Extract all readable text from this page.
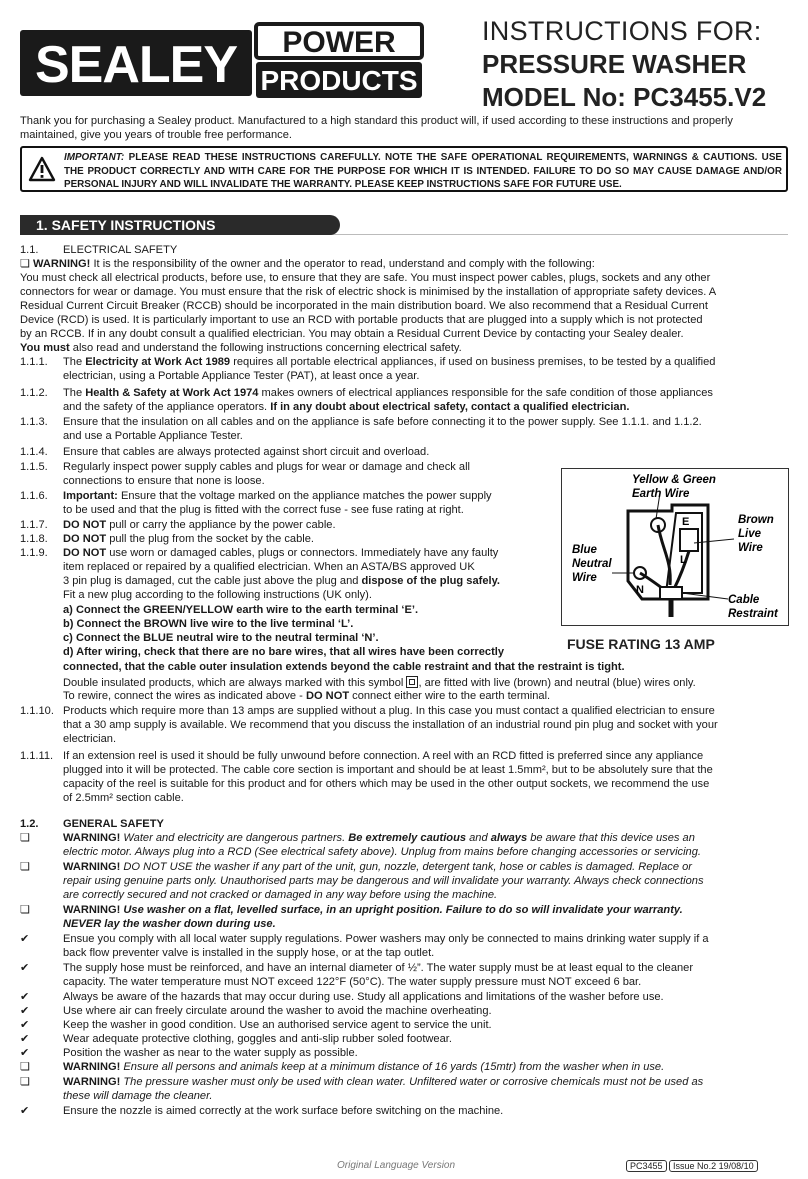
SEALEY POWER
PRODUCTS
INSTRUCTIONS FOR:
PRESSURE WASHER
MODEL No: PC3455.V2
Thank you for purchasing a Sealey product. Manufactured to a high standard this product will, if used according to these instructions and properly maintained, give you years of trouble free performance.
IMPORTANT: PLEASE READ THESE INSTRUCTIONS CAREFULLY. NOTE THE SAFE OPERATIONAL REQUIREMENTS, WARNINGS & CAUTIONS. USE THE PRODUCT CORRECTLY AND WITH CARE FOR THE PURPOSE FOR WHICH IT IS INTENDED. FAILURE TO DO SO MAY CAUSE DAMAGE AND/OR PERSONAL INJURY AND WILL INVALIDATE THE WARRANTY. PLEASE KEEP INSTRUCTIONS SAFE FOR FUTURE USE.
1. SAFETY INSTRUCTIONS
1.1. ELECTRICAL SAFETY
❏ WARNING! It is the responsibility of the owner and the operator to read, understand and comply with the following:
You must check all electrical products, before use, to ensure that they are safe. You must inspect power cables, plugs, sockets and any other
connectors for wear or damage. You must ensure that the risk of electric shock is minimised by the installation of appropriate safety devices. A
Residual Current Circuit Breaker (RCCB) should be incorporated in the main distribution board. We also recommend that a Residual Current
Device (RCD) is used. It is particularly important to use an RCD with portable products that are plugged into a supply which is not protected
by an RCCB. If in any doubt consult a qualified electrician. You may obtain a Residual Current Device by contacting your Sealey dealer.
You must also read and understand the following instructions concerning electrical safety.
1.1.1. The Electricity at Work Act 1989 requires all portable electrical appliances, if used on business premises, to be tested by a qualified
electrician, using a Portable Appliance Tester (PAT), at least once a year.
1.1.2. The Health & Safety at Work Act 1974 makes owners of electrical appliances responsible for the safe condition of those appliances
and the safety of the appliance operators. If in any doubt about electrical safety, contact a qualified electrician.
1.1.3. Ensure that the insulation on all cables and on the appliance is safe before connecting it to the power supply. See 1.1.1. and 1.1.2.
and use a Portable Appliance Tester.
1.1.4. Ensure that cables are always protected against short circuit and overload.
1.1.5. Regularly inspect power supply cables and plugs for wear or damage and check all
connections to ensure that none is loose.
1.1.6. Important: Ensure that the voltage marked on the appliance matches the power supply
to be used and that the plug is fitted with the correct fuse - see fuse rating at right.
1.1.7. DO NOT pull or carry the appliance by the power cable.
1.1.8. DO NOT pull the plug from the socket by the cable.
1.1.9. DO NOT use worn or damaged cables, plugs or connectors. Immediately have any faulty
item replaced or repaired by a qualified electrician. When an ASTA/BS approved UK
3 pin plug is damaged, cut the cable just above the plug and dispose of the plug safely.
Fit a new plug according to the following instructions (UK only).
a) Connect the GREEN/YELLOW earth wire to the earth terminal ‘E’.
b) Connect the BROWN live wire to the live terminal ‘L’.
c) Connect the BLUE neutral wire to the neutral terminal ‘N’.
d) After wiring, check that there are no bare wires, that all wires have been correctly
connected, that the cable outer insulation extends beyond the cable restraint and that the restraint is tight.
Double insulated products, which are always marked with this symbol
, are fitted with live (brown) and neutral (blue) wires only.
To rewire, connect the wires as indicated above - DO NOT connect either wire to the earth terminal.
1.1.10. Products which require more than 13 amps are supplied without a plug. In this case you must contact a qualified electrician to ensure
that a 30 amp supply is available. We recommend that you discuss the installation of an industrial round pin plug and socket with your
electrician.
1.1.11. If an extension reel is used it should be fully unwound before connection. A reel with an RCD fitted is preferred since any appliance
plugged into it will be protected. The cable core section is important and should be at least 1.5mm², but to be absolutely sure that the
capacity of the reel is suitable for this product and for others which may be used in the other output sockets, we recommend the use
of 2.5mm² section cable.
Yellow & Green
Earth Wire
Brown
Live
Wire
Blue
Neutral
Wire
Cable
Restraint
E
L
N
FUSE RATING 13 AMP
1.2. GENERAL SAFETY
❏	WARNING! Water and electricity are dangerous partners. Be extremely cautious and always be aware that this device uses an
electric motor. Always plug into a RCD (See electrical safety above). Unplug from mains before changing accessories or servicing.
❏	WARNING! DO NOT USE the washer if any part of the unit, gun, nozzle, detergent tank, hose or cables is damaged. Replace or
repair using genuine parts only. Unauthorised parts may be dangerous and will invalidate your warranty. Always check connections
are correctly secured and not cracked or damaged in any way before using the machine.
❏	WARNING! Use washer on a flat, levelled surface, in an upright position. Failure to do so will invalidate your warranty.
NEVER lay the washer down during use.
✔	Ensue you comply with all local water supply regulations. Power washers may only be connected to mains drinking water supply if a
back flow preventer valve is installed in the supply hose, or at the tap outlet.
✔	The supply hose must be reinforced, and have an internal diameter of ½”. The water supply must be at least equal to the cleaner
capacity. The water temperature must NOT exceed 122°F (50°C). The water supply pressure must NOT exceed 6 bar.
✔	Always be aware of the hazards that may occur during use. Study all applications and limitations of the washer before use.
✔	Use where air can freely circulate around the washer to avoid the machine overheating.
✔	Keep the washer in good condition. Use an authorised service agent to service the unit.
✔	Wear adequate protective clothing, goggles and anti-slip rubber soled footwear.
✔	Position the washer as near to the water supply as possible.
❏	WARNING! Ensure all persons and animals keep at a minimum distance of 16 yards (15mtr) from the washer when in use.
❏	WARNING! The pressure washer must only be used with clean water. Unfiltered water or corrosive chemicals must not be used as
these will damage the cleaner.
✔	Ensure the nozzle is aimed correctly at the work surface before switching on the machine.
Original Language Version	PC3455 Issue No.2 19/08/10
